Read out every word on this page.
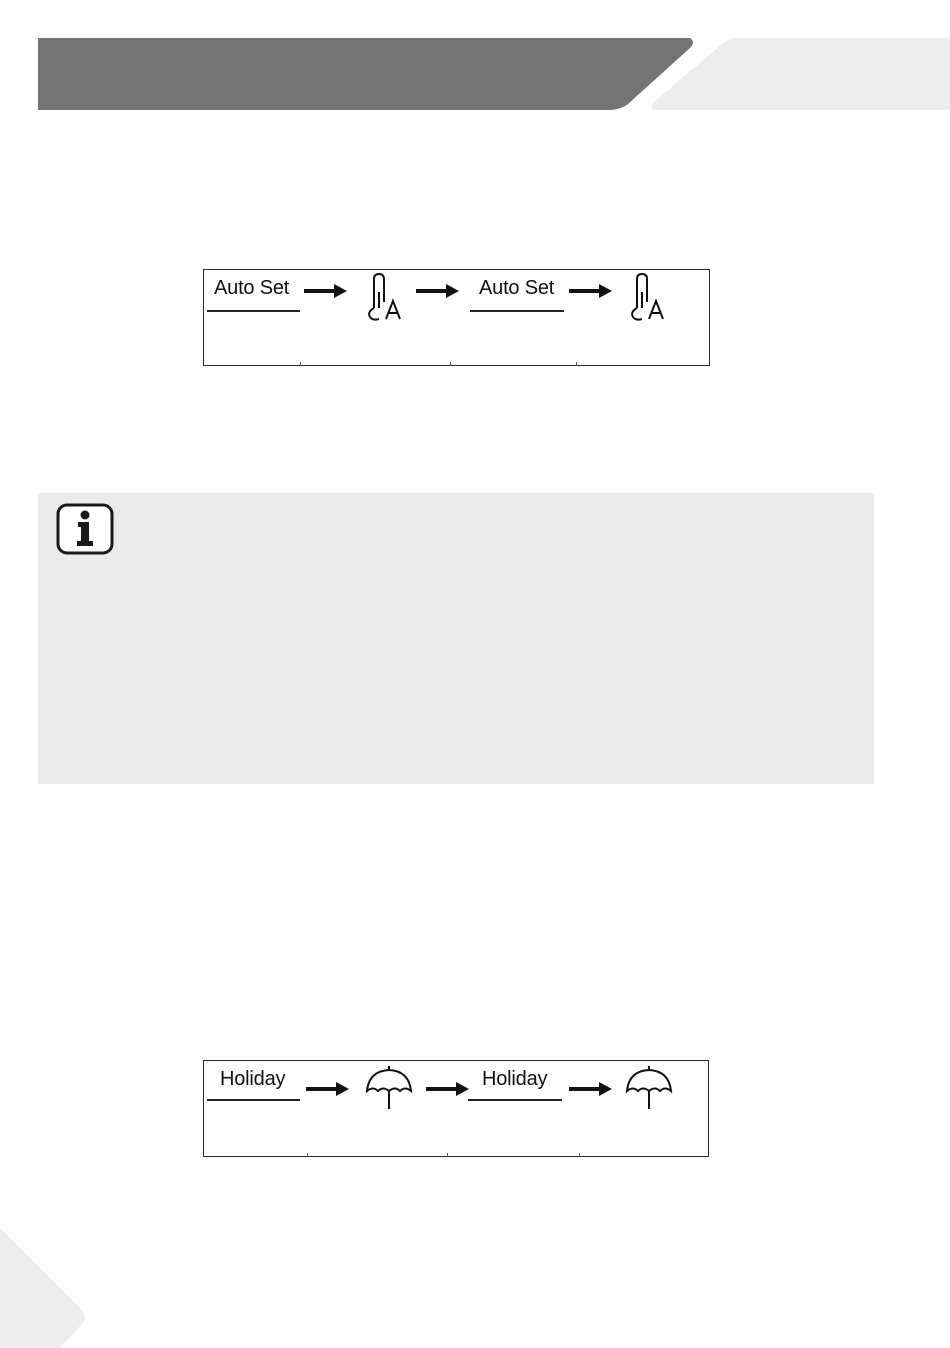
Auto Set	Auto Set
Holiday	Holiday
